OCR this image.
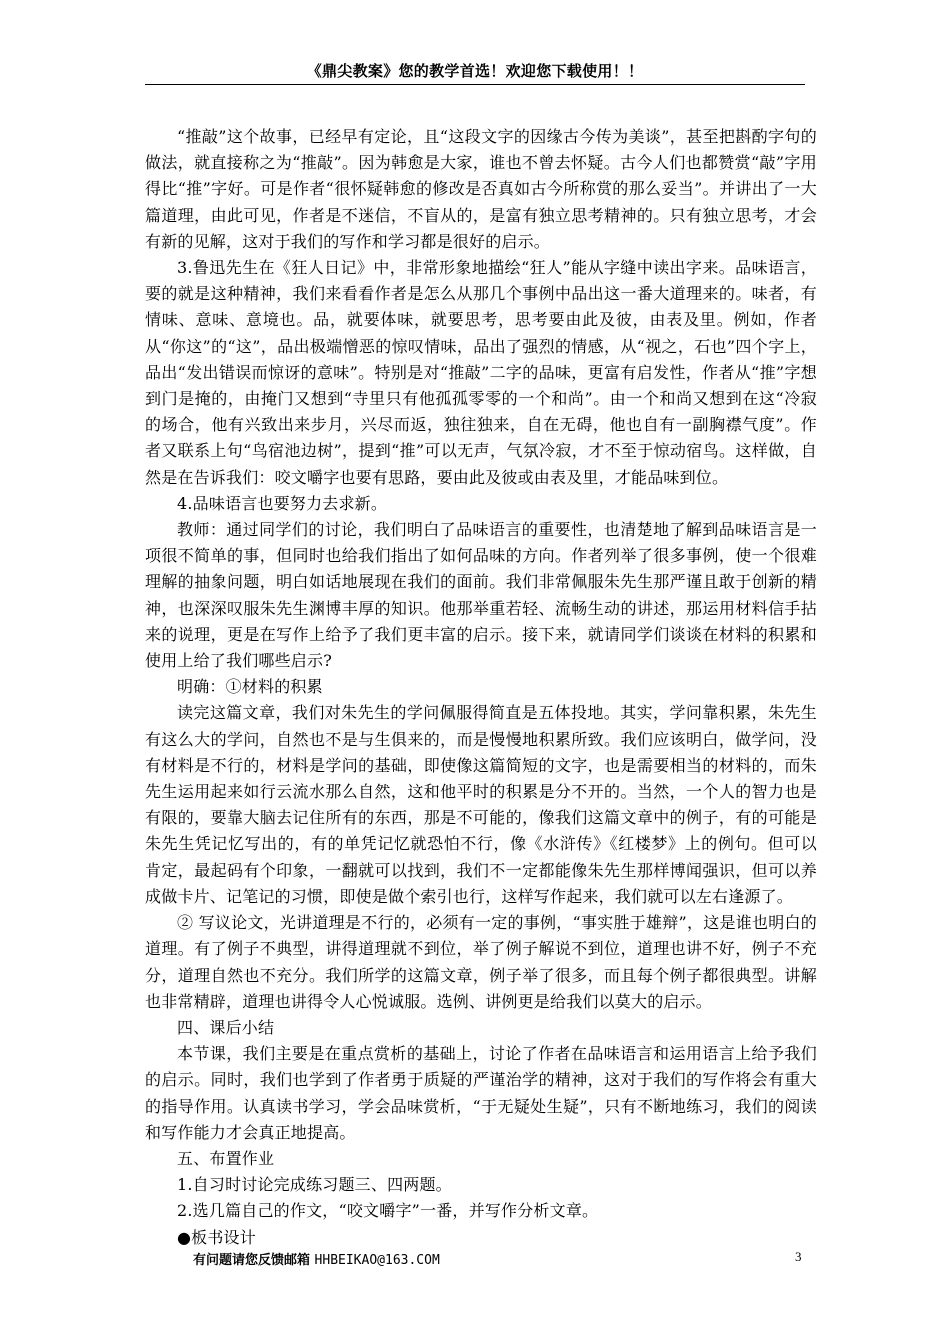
《鼎尖教案》您的教学首选！欢迎您下载使用！！

“推敲”这个故事，已经早有定论，且“这段文字的因缘古今传为美谈”，甚至把斟酌字句的做法，就直接称之为“推敲”。因为韩愈是大家，谁也不曾去怀疑。古今人们也都赞赏“敲”字用得比“推”字好。可是作者“很怀疑韩愈的修改是否真如古今所称赏的那么妥当”。并讲出了一大篇道理，由此可见，作者是不迷信，不盲从的，是富有独立思考精神的。只有独立思考，才会有新的见解，这对于我们的写作和学习都是很好的启示。

3.鲁迅先生在《狂人日记》中，非常形象地描绘“狂人”能从字缝中读出字来。品味语言，要的就是这种精神，我们来看看作者是怎么从那几个事例中品出这一番大道理来的。味者，有情味、意味、意境也。品，就要体味，就要思考，思考要由此及彼，由表及里。例如，作者从“你这”的“这”，品出极端憎恶的惊叹情味，品出了强烈的情感，从“视之，石也”四个字上，品出“发出错误而惊讶的意味”。特别是对“推敲”二字的品味，更富有启发性，作者从“推”字想到门是掩的，由掩门又想到“寺里只有他孤孤零零的一个和尚”。由一个和尚又想到在这“冷寂的场合，他有兴致出来步月，兴尽而返，独往独来，自在无碍，他也自有一副胸襟气度”。作者又联系上句“鸟宿池边树”，提到“推”可以无声，气氛冷寂，才不至于惊动宿鸟。这样做，自然是在告诉我们：咬文嚼字也要有思路，要由此及彼或由表及里，才能品味到位。

4.品味语言也要努力去求新。

教师：通过同学们的讨论，我们明白了品味语言的重要性，也清楚地了解到品味语言是一项很不简单的事，但同时也给我们指出了如何品味的方向。作者列举了很多事例，使一个很难理解的抽象问题，明白如话地展现在我们的面前。我们非常佩服朱先生那严谨且敢于创新的精神，也深深叹服朱先生渊博丰厚的知识。他那举重若轻、流畅生动的讲述，那运用材料信手拈来的说理，更是在写作上给予了我们更丰富的启示。接下来，就请同学们谈谈在材料的积累和使用上给了我们哪些启示?

明确：①材料的积累

读完这篇文章，我们对朱先生的学问佩服得简直是五体投地。其实，学问靠积累，朱先生有这么大的学问，自然也不是与生俱来的，而是慢慢地积累所致。我们应该明白，做学问，没有材料是不行的，材料是学问的基础，即使像这篇简短的文字，也是需要相当的材料的，而朱先生运用起来如行云流水那么自然，这和他平时的积累是分不开的。当然，一个人的智力也是有限的，要靠大脑去记住所有的东西，那是不可能的，像我们这篇文章中的例子，有的可能是朱先生凭记忆写出的，有的单凭记忆就恐怕不行，像《水浒传》《红楼梦》上的例句。但可以肯定，最起码有个印象，一翻就可以找到，我们不一定都能像朱先生那样博闻强识，但可以养成做卡片、记笔记的习惯，即使是做个索引也行，这样写作起来，我们就可以左右逢源了。

② 写议论文，光讲道理是不行的，必须有一定的事例，“事实胜于雄辩”，这是谁也明白的道理。有了例子不典型，讲得道理就不到位，举了例子解说不到位，道理也讲不好，例子不充分，道理自然也不充分。我们所学的这篇文章，例子举了很多，而且每个例子都很典型。讲解也非常精辟，道理也讲得令人心悦诚服。选例、讲例更是给我们以莫大的启示。

四、课后小结

本节课，我们主要是在重点赏析的基础上，讨论了作者在品味语言和运用语言上给予我们的启示。同时，我们也学到了作者勇于质疑的严谨治学的精神，这对于我们的写作将会有重大的指导作用。认真读书学习，学会品味赏析，“于无疑处生疑”，只有不断地练习，我们的阅读和写作能力才会真正地提高。

五、布置作业

1.自习时讨论完成练习题三、四两题。

2.选几篇自己的作文，“咬文嚼字”一番，并写作分析文章。

●板书设计

有问题请您反馈邮箱 HHBEIKAO@163.COM	3
